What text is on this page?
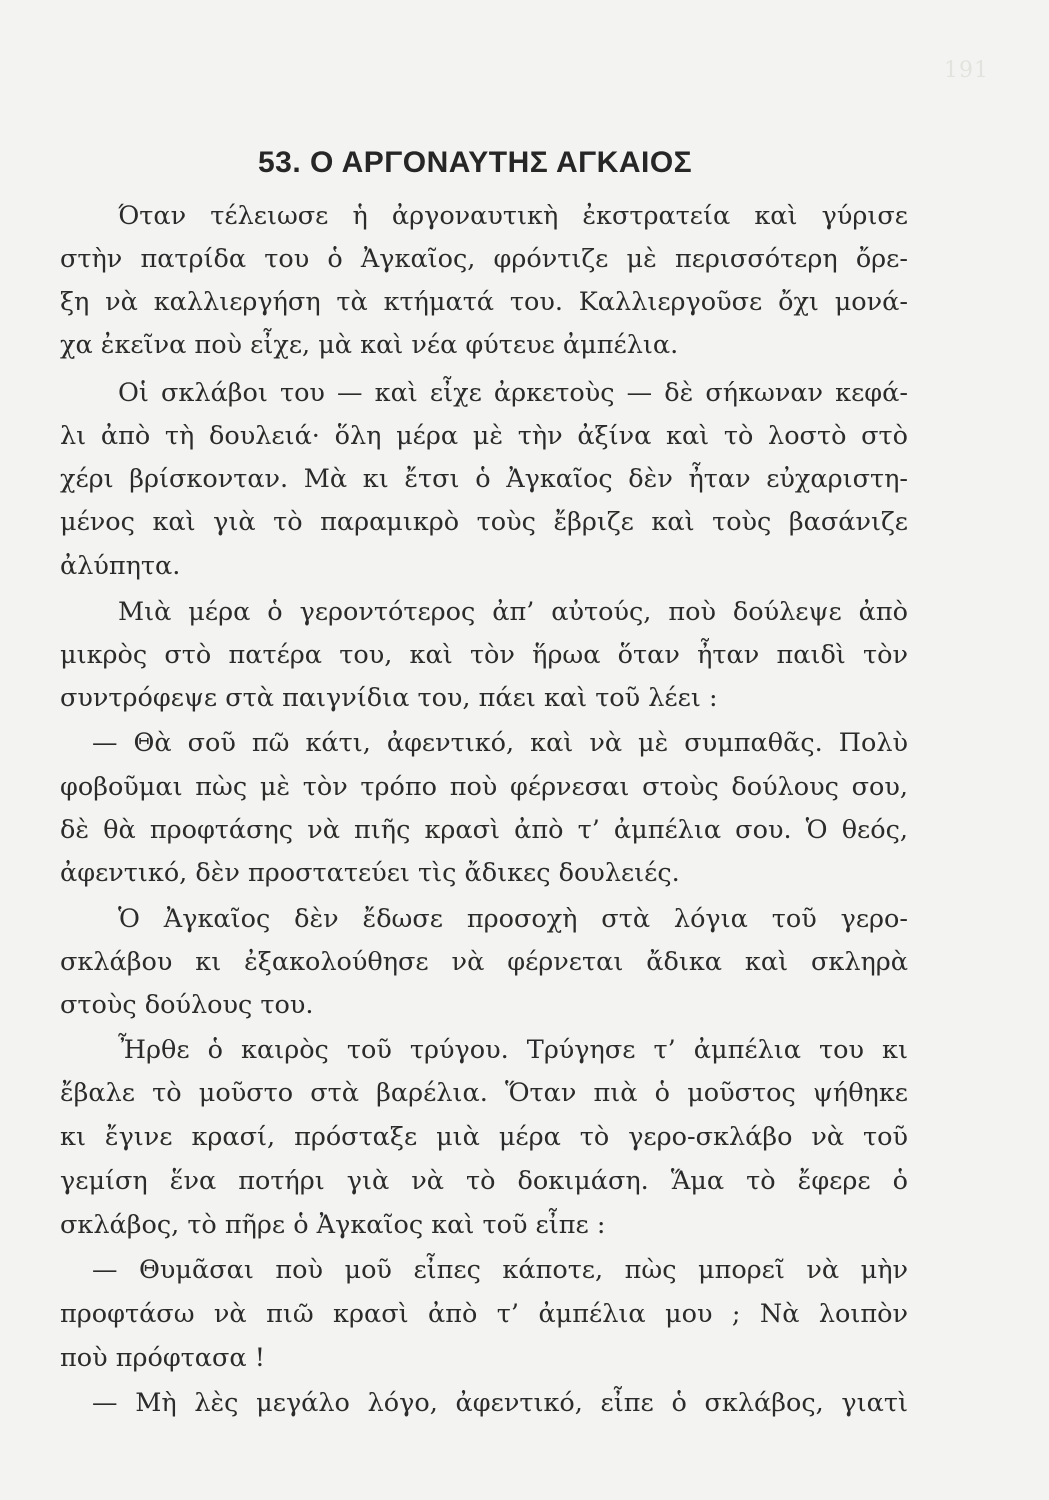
191
53. Ο ΑΡΓΟΝΑΥΤΗΣ ΑΓΚΑΙΟΣ
Όταν τέλειωσε ἡ ἀργοναυτικὴ ἐκστρατεία καὶ γύρισε
στὴν πατρίδα του ὁ Ἀγκαῖος, φρόντιζε μὲ περισσότερη ὄρε-
ξη νὰ καλλιεργήση τὰ κτήματά του. Καλλιεργοῦσε ὄχι μονά-
χα ἐκεῖνα ποὺ εἶχε, μὰ καὶ νέα φύτευε ἀμπέλια.
Οἱ σκλάβοι του — καὶ εἶχε ἀρκετοὺς — δὲ σήκωναν κεφά-
λι ἀπὸ τὴ δουλειά· ὅλη μέρα μὲ τὴν ἀξίνα καὶ τὸ λοστὸ στὸ
χέρι βρίσκονταν. Μὰ κι ἔτσι ὁ Ἀγκαῖος δὲν ἦταν εὐχαριστη-
μένος καὶ γιὰ τὸ παραμικρὸ τοὺς ἔβριζε καὶ τοὺς βασάνιζε
ἀλύπητα.
Μιὰ μέρα ὁ γεροντότερος ἀπ’ αὐτούς, ποὺ δούλεψε ἀπὸ
μικρὸς στὸ πατέρα του, καὶ τὸν ἥρωα ὅταν ἦταν παιδὶ τὸν
συντρόφεψε στὰ παιγνίδια του, πάει καὶ τοῦ λέει :
— Θὰ σοῦ πῶ κάτι, ἀφεντικό, καὶ νὰ μὲ συμπαθᾶς. Πολὺ
φοβοῦμαι πὼς μὲ τὸν τρόπο ποὺ φέρνεσαι στοὺς δούλους σου,
δὲ θὰ προφτάσης νὰ πιῆς κρασὶ ἀπὸ τ’ ἀμπέλια σου. Ὁ θεός,
ἀφεντικό, δὲν προστατεύει τὶς ἄδικες δουλειές.
Ὁ Ἀγκαῖος δὲν ἔδωσε προσοχὴ στὰ λόγια τοῦ γερο-
σκλάβου κι ἐξακολούθησε νὰ φέρνεται ἄδικα καὶ σκληρὰ
στοὺς δούλους του.
Ἦρθε ὁ καιρὸς τοῦ τρύγου. Τρύγησε τ’ ἀμπέλια του κι
ἔβαλε τὸ μοῦστο στὰ βαρέλια. Ὅταν πιὰ ὁ μοῦστος ψήθηκε
κι ἔγινε κρασί, πρόσταξε μιὰ μέρα τὸ γερο-σκλάβο νὰ τοῦ
γεμίση ἕνα ποτήρι γιὰ νὰ τὸ δοκιμάση. Ἅμα τὸ ἔφερε ὁ
σκλάβος, τὸ πῆρε ὁ Ἀγκαῖος καὶ τοῦ εἶπε :
— Θυμᾶσαι ποὺ μοῦ εἶπες κάποτε, πὼς μπορεῖ νὰ μὴν
προφτάσω νὰ πιῶ κρασὶ ἀπὸ τ’ ἀμπέλια μου ; Νὰ λοιπὸν
ποὺ πρόφτασα !
— Μὴ λὲς μεγάλο λόγο, ἀφεντικό, εἶπε ὁ σκλάβος, γιατὶ
